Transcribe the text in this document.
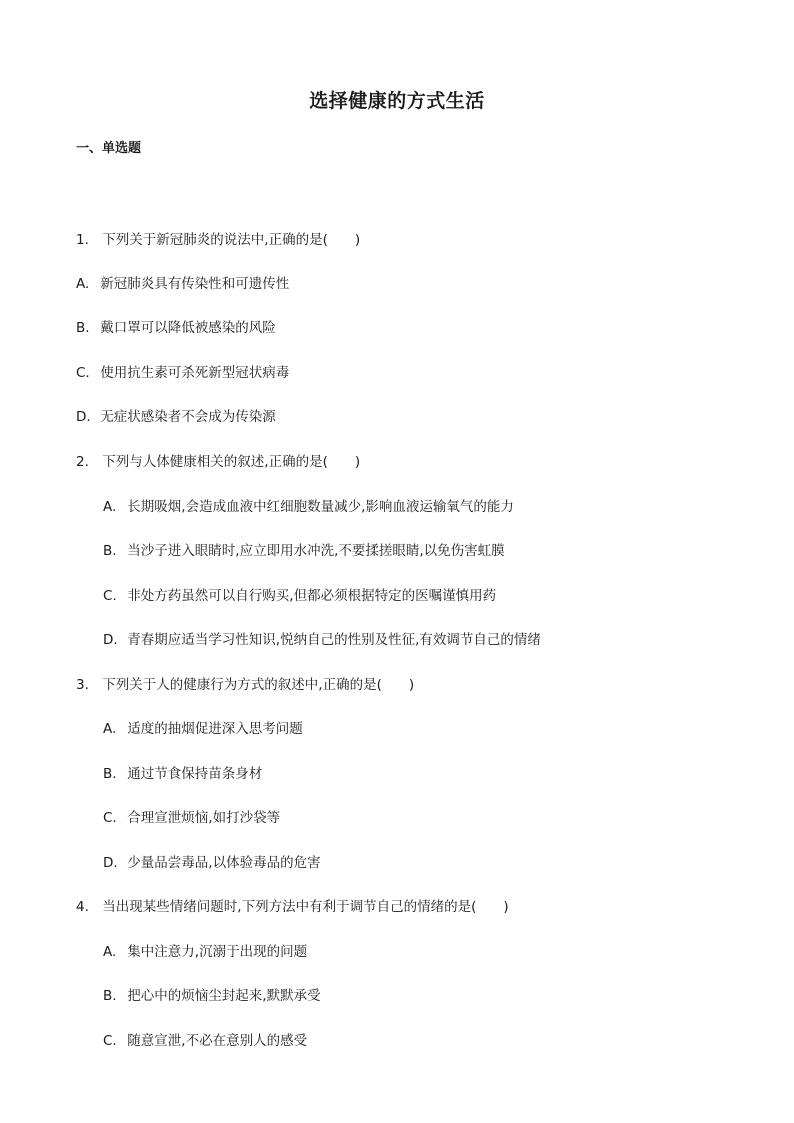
选择健康的方式生活
一、单选题
1. 下列关于新冠肺炎的说法中,正确的是(　　)
A. 新冠肺炎具有传染性和可遗传性
B. 戴口罩可以降低被感染的风险
C. 使用抗生素可杀死新型冠状病毒
D. 无症状感染者不会成为传染源
2. 下列与人体健康相关的叙述,正确的是(　　)
A. 长期吸烟,会造成血液中红细胞数量减少,影响血液运输氧气的能力
B. 当沙子进入眼睛时,应立即用水冲洗,不要揉搓眼睛,以免伤害虹膜
C. 非处方药虽然可以自行购买,但都必须根据特定的医嘱谨慎用药
D. 青春期应适当学习性知识,悦纳自己的性别及性征,有效调节自己的情绪
3. 下列关于人的健康行为方式的叙述中,正确的是(　　)
A. 适度的抽烟促进深入思考问题
B. 通过节食保持苗条身材
C. 合理宣泄烦恼,如打沙袋等
D. 少量品尝毒品,以体验毒品的危害
4. 当出现某些情绪问题时,下列方法中有利于调节自己的情绪的是(　　)
A. 集中注意力,沉溺于出现的问题
B. 把心中的烦恼尘封起来,默默承受
C. 随意宣泄,不必在意别人的感受
